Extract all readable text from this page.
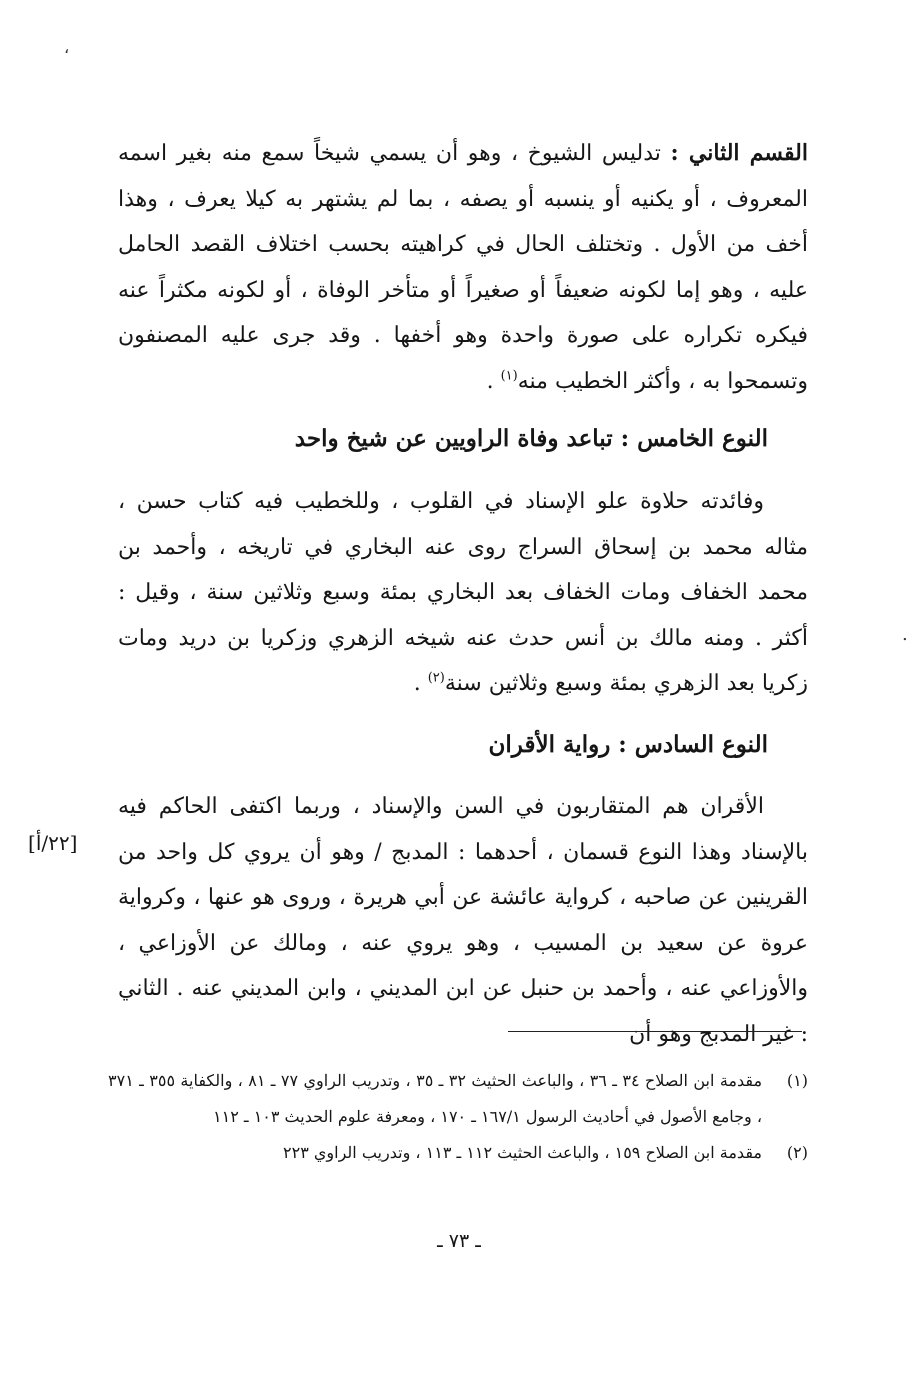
،
.

القسم الثاني : تدليس الشيوخ ، وهو أن يسمي شيخاً سمع منه بغير اسمه المعروف ، أو يكنيه أو ينسبه أو يصفه ، بما لم يشتهر به كيلا يعرف ، وهذا أخف من الأول . وتختلف الحال في كراهيته بحسب اختلاف القصد الحامل عليه ، وهو إما لكونه ضعيفاً أو صغيراً أو متأخر الوفاة ، أو لكونه مكثراً عنه فيكره تكراره على صورة واحدة وهو أخفها . وقد جرى عليه المصنفون وتسمحوا به ، وأكثر الخطيب منه$^{(١)}$ .

النوع الخامس : تباعد وفاة الراويين عن شيخ واحد

وفائدته حلاوة علو الإسناد في القلوب ، وللخطيب فيه كتاب حسن ، مثاله محمد بن إسحاق السراج روى عنه البخاري في تاريخه ، وأحمد بن محمد الخفاف ومات الخفاف بعد البخاري بمئة وسبع وثلاثين سنة ، وقيل : أكثر . ومنه مالك بن أنس حدث عنه شيخه الزهري وزكريا بن دريد ومات زكريا بعد الزهري بمئة وسبع وثلاثين سنة$^{(٢)}$ .

النوع السادس : رواية الأقران

الأقران هم المتقاربون في السن والإسناد ، وربما اكتفى الحاكم فيه بالإسناد وهذا النوع قسمان ، أحدهما : المدبج / وهو أن يروي كل واحد من القرينين عن صاحبه ، كرواية عائشة عن أبي هريرة ، وروى هو عنها ، وكرواية عروة عن سعيد بن المسيب ، وهو يروي عنه ، ومالك عن الأوزاعي ، والأوزاعي عنه ، وأحمد بن حنبل عن ابن المديني ، وابن المديني عنه . الثاني : غير المدبج وهو أن

[٢٢/أ]

(١)
مقدمة ابن الصلاح ٣٤ ـ ٣٦ ، والباعث الحثيث ٣٢ ـ ٣٥ ، وتدريب الراوي ٧٧ ـ ٨١ ، والكفاية ٣٥٥ ـ ٣٧١ ، وجامع الأصول في أحاديث الرسول ١٦٧/١ ـ ١٧٠ ، ومعرفة علوم الحديث ١٠٣ ـ ١١٢

(٢)
مقدمة ابن الصلاح ١٥٩ ، والباعث الحثيث ١١٢ ـ ١١٣ ، وتدريب الراوي ٢٢٣

ـ ٧٣ ـ
